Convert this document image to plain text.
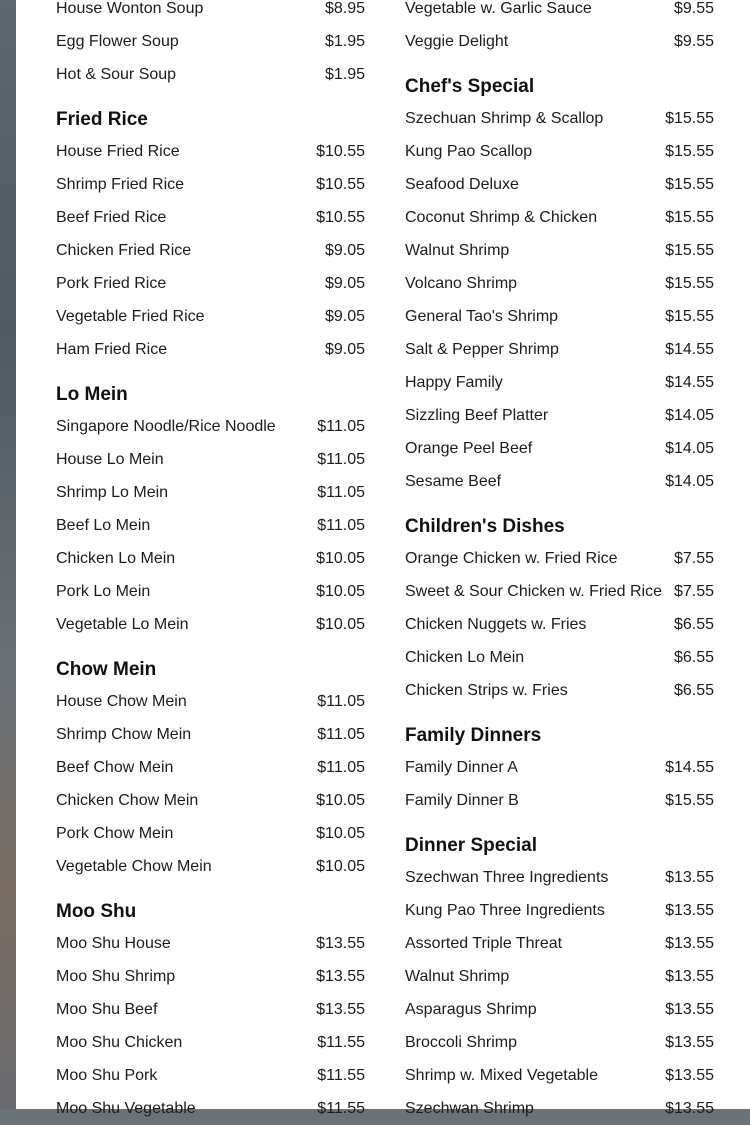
House Wonton Soup	$8.95
Egg Flower Soup	$1.95
Hot & Sour Soup	$1.95
Fried Rice
House Fried Rice	$10.55
Shrimp Fried Rice	$10.55
Beef Fried Rice	$10.55
Chicken Fried Rice	$9.05
Pork Fried Rice	$9.05
Vegetable Fried Rice	$9.05
Ham Fried Rice	$9.05
Lo Mein
Singapore Noodle/Rice Noodle	$11.05
House Lo Mein	$11.05
Shrimp Lo Mein	$11.05
Beef Lo Mein	$11.05
Chicken Lo Mein	$10.05
Pork Lo Mein	$10.05
Vegetable Lo Mein	$10.05
Chow Mein
House Chow Mein	$11.05
Shrimp Chow Mein	$11.05
Beef Chow Mein	$11.05
Chicken Chow Mein	$10.05
Pork Chow Mein	$10.05
Vegetable Chow Mein	$10.05
Moo Shu
Moo Shu House	$13.55
Moo Shu Shrimp	$13.55
Moo Shu Beef	$13.55
Moo Shu Chicken	$11.55
Moo Shu Pork	$11.55
Moo Shu Vegetable	$11.55
Vegetable w. Garlic Sauce	$9.55
Veggie Delight	$9.55
Chef's Special
Szechuan Shrimp & Scallop	$15.55
Kung Pao Scallop	$15.55
Seafood Deluxe	$15.55
Coconut Shrimp & Chicken	$15.55
Walnut Shrimp	$15.55
Volcano Shrimp	$15.55
General Tao's Shrimp	$15.55
Salt & Pepper Shrimp	$14.55
Happy Family	$14.55
Sizzling Beef Platter	$14.05
Orange Peel Beef	$14.05
Sesame Beef	$14.05
Children's Dishes
Orange Chicken w. Fried Rice	$7.55
Sweet & Sour Chicken w. Fried Rice $7.55
Chicken Nuggets w. Fries	$6.55
Chicken Lo Mein	$6.55
Chicken Strips w. Fries	$6.55
Family Dinners
Family Dinner A	$14.55
Family Dinner B	$15.55
Dinner Special
Szechwan Three Ingredients	$13.55
Kung Pao Three Ingredients	$13.55
Assorted Triple Threat	$13.55
Walnut Shrimp	$13.55
Asparagus Shrimp	$13.55
Broccoli Shrimp	$13.55
Shrimp w. Mixed Vegetable	$13.55
Szechwan Shrimp	$13.55
